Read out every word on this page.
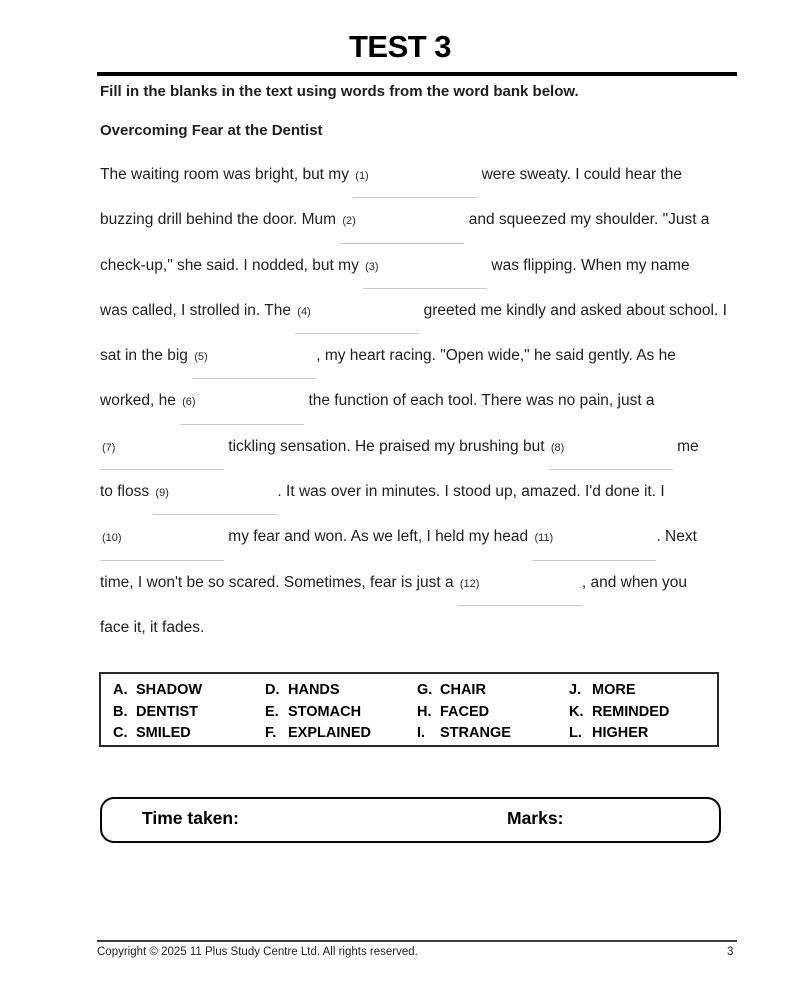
TEST 3
Fill in the blanks in the text using words from the word bank below.
Overcoming Fear at the Dentist
The waiting room was bright, but my (1)	were sweaty. I could hear the
buzzing drill behind the door. Mum (2)	and squeezed my shoulder. "Just a
check-up," she said. I nodded, but my (3)	was flipping. When my name
was called, I strolled in. The (4)	greeted me kindly and asked about school. I
sat in the big (5)	, my heart racing. "Open wide," he said gently. As he
worked, he (6)	the function of each tool. There was no pain, just a
(7)	tickling sensation. He praised my brushing but (8)	me
to floss (9)	. It was over in minutes. I stood up, amazed. I'd done it. I
(10)	my fear and won. As we left, I held my head (11)	. Next
time, I won't be so scared. Sometimes, fear is just a (12)	, and when you
face it, it fades.
A. SHADOW
B. DENTIST
C. SMILED
D. HANDS
E. STOMACH
F. EXPLAINED
G. CHAIR
H. FACED
I.	STRANGE
J. MORE
K. REMINDED
L. HIGHER
Time taken:	Marks:
Copyright © 2025 11 Plus Study Centre Ltd. All rights reserved.	3
